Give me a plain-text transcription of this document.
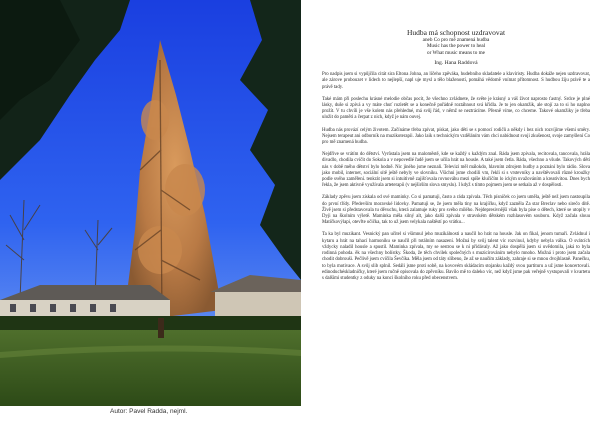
Autor: Pavel Radda, nejml.

Hudba má schopnost uzdravovat

aneb Co pro mě znamená hudba

Music has the power to heal

or What music means to me

Ing. Hana Raddová

Pro nadpis jsem si vypůjčila citát sira Eltona Johna, an líčeho zpěváka, hudebního skladatele a klavíristy. Hudba dokáže nejen uzdravovat, ale zárove probouzet v lidech to nejlepší, napl uje mysl a tělo blažeností, pomáhá vědomě vnímat přítomnost. S hudbou žiju právě te a právě tady.

Také mám při poslechu krásné melodie občas pocit, že všechno zvládnete, že světe je krásný a váš život naprosto ťastný. Srdce je plné lásky, duše si zpívá a vy máte chuť rozletět se a konečně pořádně roztáhnout svá křídla. Je to jen okamžik, ale stojí za to si ho naplno prožít. V tu chvíli je vše kolem nás přehledné, má svůj řád, v němž se neztrácíme. Přesně víme, co chceme. Takové okamžiky je třeba uložit do paměti a čerpat z nich, když je nám ouvej.

Hudba nás provází celým životem. Začínáme třeba zpívat, pískat, jako děti se s pomocí rodičů a někdy i bez nich rozvíjíme všemi směry. Nejsem terapeut ani odborník na muzikoterapii. Jako laik s technickým vzděláním vám chci nabídnout svoji zkušenost, svoje zamyšlení Co pro mě znamená hudba.

Nejdříve se vrátím do dětství. Vyrůstala jsem na maloměstě, kde se každý s každým znal. Ráda jsem zpívala, recitovala, tancovala, hrála divadlo, chodila cvičit do Sokola a v nepovedlé řadě jsem se učila hrát na housle. A také jsem četla. Ráda, všechno a všude. Takových dětí nás v době mého dětství bylo hodně. Nic jiného jsme neznali. Televizi měl málokdo, hlavním zdrojem hudby a poznání bylo rádio. Slova jako mobil, internet, sociální sítě ještě nebyly ve slovníku. Všichni jsme chodili vm, řekli si s vrstevníky a navštěvovali různé kroužky podle svého zaměření. tenkrát jsem si intuitivně zajišťovala rovnováhu mezi spíše klučičím lo ickým uvažováním a kreativitou. Dnes bych řekla, že jsem aktivně využívala arteterapii (v nejširším slova smyslu). I když s tímto pojmem jsem se setkala až v dospělosti.

Základy zpěvu jsem získala od své maminky. Co si pamatuji, často a ráda zpívala. Těch písniček co jsem uměla, ještě než jsem nastoupila do první třídy. Především moravské lidovky. Pamatuji se, že jsem měla tiny na krajíčku, když zazněla Za star Breclav nebo sirečo dítě. Živě jsem si představovala tu děvuchu, která zalamuje ruky pro svého milého. Nejdepresivnější však byla píse o dětech, které se utopily v Dyji na školním výletě. Maminka měla silný alt, jako další zpívala v stravském dětském rozhlasovém souboru. Když začala slouu Matičkovýlapi, otevřte očička, tak to už jsem velykala naštěstí po vrátku...

Ta ka byl muzikant. Vesnický pan učitel si všimnul jeho muzikálnosti a naučil ho hrát na housle. Jak on fikal, jenom tumaři. Zvládnul i kytaru a hrát na tahací harmoniku se naučil při totálním nasazení. Možná by svůj talent víc rozvinul, kdyby nebyla válka. O svátcích vždycky naladil housle a spustil. Maminka zpívala, my se sestrou se k ní přidávaly. Až jako dospělá jsem si uvědomila, jaká to byla rodinná pohoda. ěk na všechny bolístky. Škoda, že těch chvilek společných s muzicírováním nebylo mnoho. Možná i proto jsem začala chodit dobrouši. Pečlivě jsem cvičila Ševčíka. Měla jsem od táty slíbeno, že až se naučím základy, zahraje si se mnou dvojhlasně. Panečku, to byla motivace. A svůj slib splnil. Sedáli jsme proti sobě, na kovovém skládacím stojanku každý svou partituru a už jsme koncertovali. edinoduchéskladničky, které jsem ručně opisovala do zpěvníku. Bavilo mě to daleko víc, než když jsme pak veřejně vystupovali v kvartetu s dalšími studentky z oduky na konci školního roku před obecenstvem.
